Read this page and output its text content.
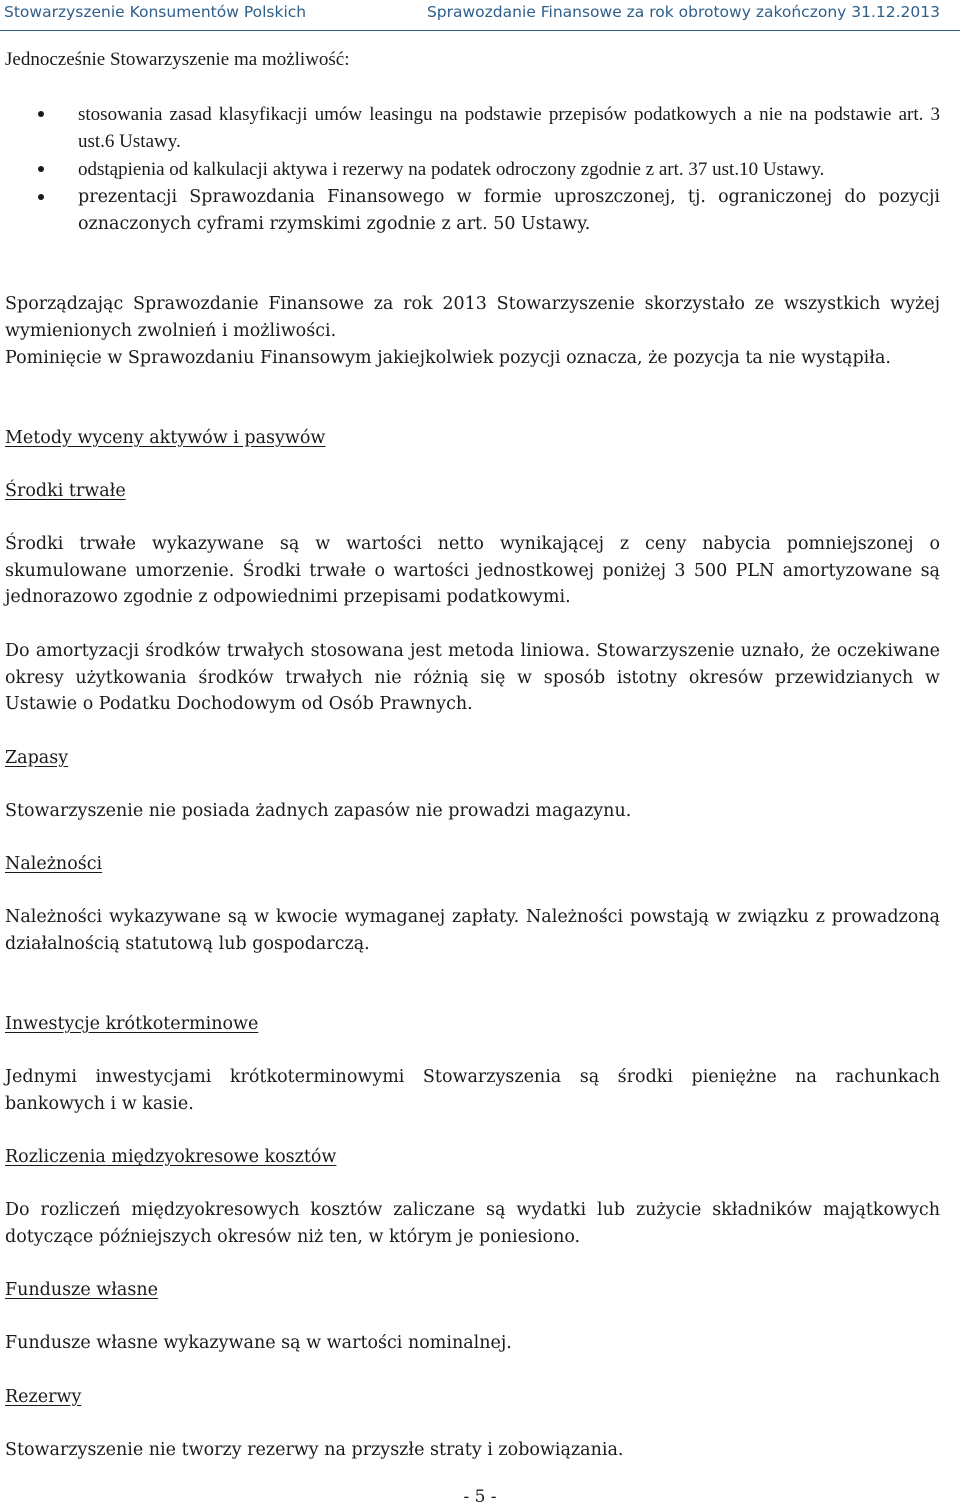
Stowarzyszenie Konsumentów Polskich	Sprawozdanie Finansowe za rok obrotowy zakończony 31.12.2013

Jednocześnie Stowarzyszenie ma możliwość:

stosowania zasad klasyfikacji umów leasingu na podstawie przepisów podatkowych a nie na podstawie art. 3 ust.6 Ustawy.
odstąpienia od kalkulacji aktywa i rezerwy na podatek odroczony zgodnie z art. 37 ust.10 Ustawy.
prezentacji Sprawozdania Finansowego w formie uproszczonej, tj. ograniczonej do pozycji oznaczonych cyframi rzymskimi zgodnie z art. 50 Ustawy.

Sporządzając Sprawozdanie Finansowe za rok 2013 Stowarzyszenie skorzystało ze wszystkich wyżej wymienionych zwolnień i możliwości.

Pominięcie w Sprawozdaniu Finansowym jakiejkolwiek pozycji oznacza, że pozycja ta nie wystąpiła.

Metody wyceny aktywów i pasywów

Środki trwałe

Środki trwałe wykazywane są w wartości netto wynikającej z ceny nabycia pomniejszonej o skumulowane umorzenie. Środki trwałe o wartości jednostkowej poniżej 3 500 PLN amortyzowane są jednorazowo zgodnie z odpowiednimi przepisami podatkowymi.

Do amortyzacji środków trwałych stosowana jest metoda liniowa. Stowarzyszenie uznało, że oczekiwane okresy użytkowania środków trwałych nie różnią się w sposób istotny okresów przewidzianych w Ustawie o Podatku Dochodowym od Osób Prawnych.

Zapasy

Stowarzyszenie nie posiada żadnych zapasów nie prowadzi magazynu.

Należności

Należności wykazywane są w kwocie wymaganej zapłaty. Należności powstają w związku z prowadzoną działalnością statutową lub gospodarczą.

Inwestycje krótkoterminowe

Jednymi inwestycjami krótkoterminowymi Stowarzyszenia są środki pieniężne na rachunkach bankowych i w kasie.

Rozliczenia międzyokresowe kosztów

Do rozliczeń międzyokresowych kosztów zaliczane są wydatki lub zużycie składników majątkowych dotyczące późniejszych okresów niż ten, w którym je poniesiono.

Fundusze własne

Fundusze własne wykazywane są w wartości nominalnej.

Rezerwy

Stowarzyszenie nie tworzy rezerwy na przyszłe straty i zobowiązania.

- 5 -
